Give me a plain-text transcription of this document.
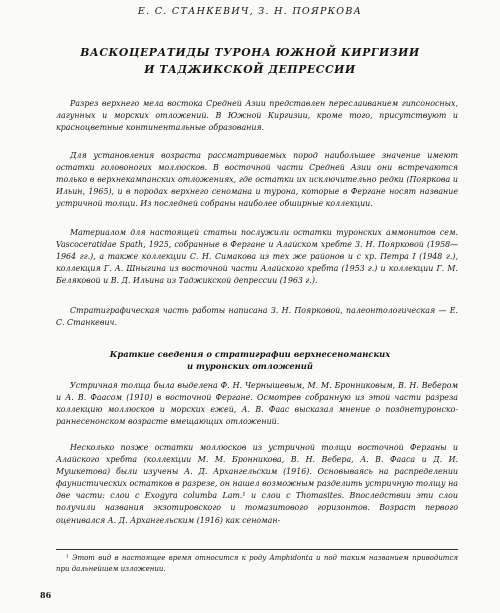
Е. С. СТАНКЕВИЧ, З. Н. ПОЯРКОВА
ВАСКОЦЕРАТИДЫ ТУРОНА ЮЖНОЙ КИРГИЗИИ
И ТАДЖИКСКОЙ ДЕПРЕССИИ

Разрез верхнего мела востока Средней Азии представлен переслаиванием гипсоносных, лагунных и морских отложений. В Южной Киргизии, кроме того, присутствуют и красноцветные континентальные образования.

Для установления возраста рассматриваемых пород наибольшее значение имеют остатки головоногих моллюсков. В восточной части Средней Азии они встречаются только в верхнекампанских отложениях, где остатки их исключительно редки (Пояркова и Ильин, 1965), и в породах верхнего сеномана и турона, которые в Фергане носят название устричной толщи. Из последней собраны наиболее обширные коллекции.

Материалом для настоящей статьи послужили остатки туронских аммонитов сем. Vascoceratidae Spath, 1925, собранные в Фергане и Алайском хребте З. Н. Поярковой (1958—1964 гг.), а также коллекции С. Н. Симакова из тех же районов и с хр. Петра I (1948 г.), коллекция Г. А. Шныгина из восточной части Алайского хребта (1953 г.) и коллекции Г. М. Беляковой и В. Д. Ильина из Таджикской депрессии (1963 г.).

Стратиграфическая часть работы написана З. Н. Поярковой, палеонтологическая — Е. С. Станкевич.

Краткие сведения о стратиграфии верхнесеноманских
и туронских отложений

Устричная толща была выделена Ф. Н. Чернышевым, М. М. Бронниковым, В. Н. Вебером и А. В. Фаасом (1910) в восточной Фергане. Осмотрев собранную из этой части разреза коллекцию моллюсков и морских ежей, А. В. Фаас высказал мнение о позднетуронско-раннесенонском возрасте вмещающих отложений.

Несколько позже остатки моллюсков из устричной толщи восточной Ферганы и Алайского хребта (коллекции М. М. Бронникова, В. Н. Вебера, А. В. Фааса и Д. И. Мушкетова) были изучены А. Д. Архангельским (1916). Основываясь на распределении фаунистических остатков в разрезе, он нашел возможным разделить устричную толщу на две части: слои с Exogyra columba Lam.¹ и слои с Thomasites. Впоследствии эти слои получили названия экзотировского и томазитового горизонтов. Возраст первого оценивался А. Д. Архангельским (1916) как сеноман-

¹ Этот вид в настоящее время относится к роду Amphidonta и под таким названием приводится при дальнейшем изложении.

86
